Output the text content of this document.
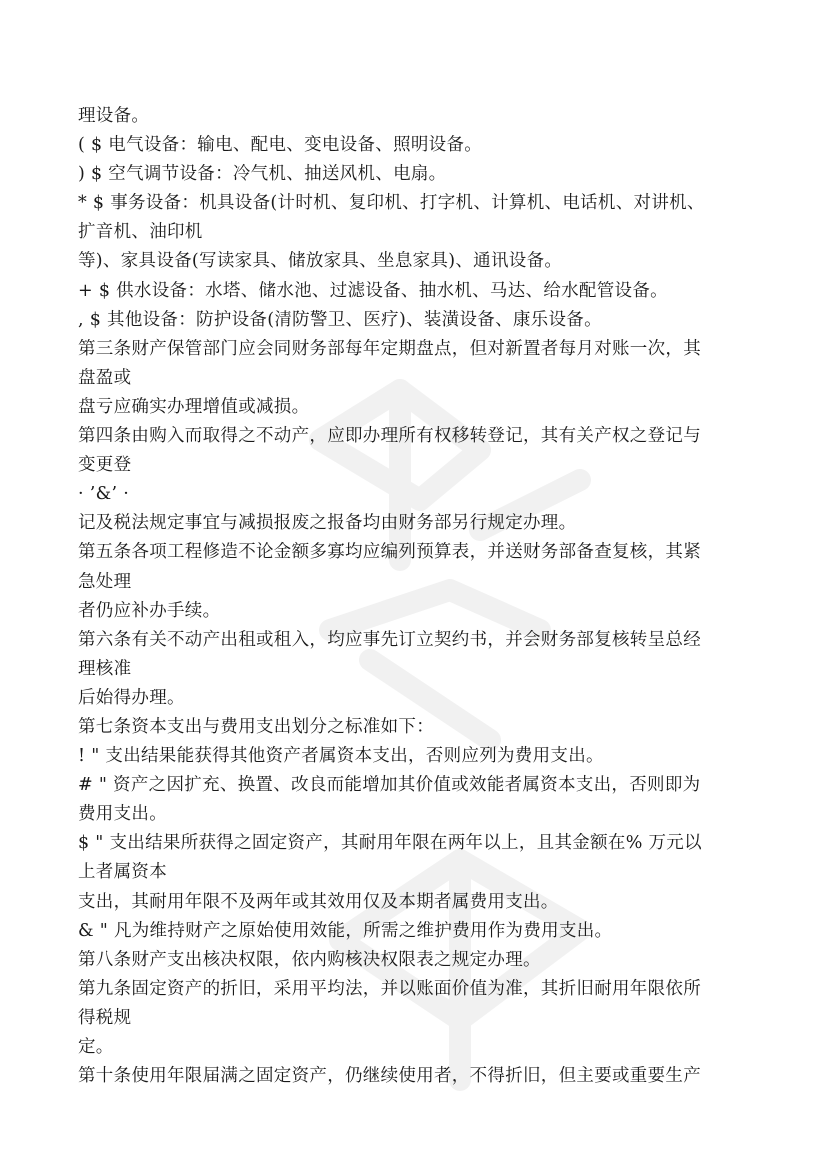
理设备。
( $ 电气设备：输电、配电、变电设备、照明设备。
) $ 空气调节设备：冷气机、抽送风机、电扇。
* $ 事务设备：机具设备(计时机、复印机、打字机、计算机、电话机、对讲机、
扩音机、油印机
等)、家具设备(写读家具、储放家具、坐息家具)、通讯设备。
+ $ 供水设备：水塔、储水池、过滤设备、抽水机、马达、给水配管设备。
, $ 其他设备：防护设备(清防警卫、医疗)、装潢设备、康乐设备。
第三条财产保管部门应会同财务部每年定期盘点，但对新置者每月对账一次，其
盘盈或
盘亏应确实办理增值或减损。
第四条由购入而取得之不动产，应即办理所有权移转登记，其有关产权之登记与
变更登
· ’&’ ·
记及税法规定事宜与减损报废之报备均由财务部另行规定办理。
第五条各项工程修造不论金额多寡均应编列预算表，并送财务部备查复核，其紧
急处理
者仍应补办手续。
第六条有关不动产出租或租入，均应事先订立契约书，并会财务部复核转呈总经
理核准
后始得办理。
第七条资本支出与费用支出划分之标准如下：
! " 支出结果能获得其他资产者属资本支出，否则应列为费用支出。
# " 资产之因扩充、换置、改良而能增加其价值或效能者属资本支出，否则即为
费用支出。
$ " 支出结果所获得之固定资产，其耐用年限在两年以上，且其金额在% 万元以
上者属资本
支出，其耐用年限不及两年或其效用仅及本期者属费用支出。
& " 凡为维持财产之原始使用效能，所需之维护费用作为费用支出。
第八条财产支出核决权限，依内购核决权限表之规定办理。
第九条固定资产的折旧，采用平均法，并以账面价值为准，其折旧耐用年限依所
得税规
定。
第十条使用年限届满之固定资产，仍继续使用者，不得折旧，但主要或重要生产
